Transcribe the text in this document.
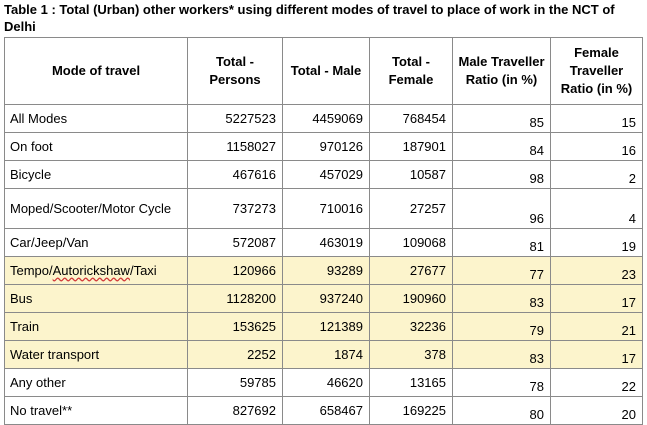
Table 1 : Total (Urban) other workers* using different modes of travel to place of work in the NCT of Delhi
Mode of travel	Total - Persons	Total - Male	Total - Female	Male Traveller Ratio (in %)	Female Traveller Ratio (in %)
All Modes	5227523	4459069	768454	85	15
On foot	1158027	970126	187901	84	16
Bicycle	467616	457029	10587	98	2
Moped/Scooter/Motor Cycle	737273	710016	27257	96	4
Car/Jeep/Van	572087	463019	109068	81	19
Tempo/Autorickshaw/Taxi	120966	93289	27677	77	23
Bus	1128200	937240	190960	83	17
Train	153625	121389	32236	79	21
Water transport	2252	1874	378	83	17
Any other	59785	46620	13165	78	22
No travel**	827692	658467	169225	80	20
